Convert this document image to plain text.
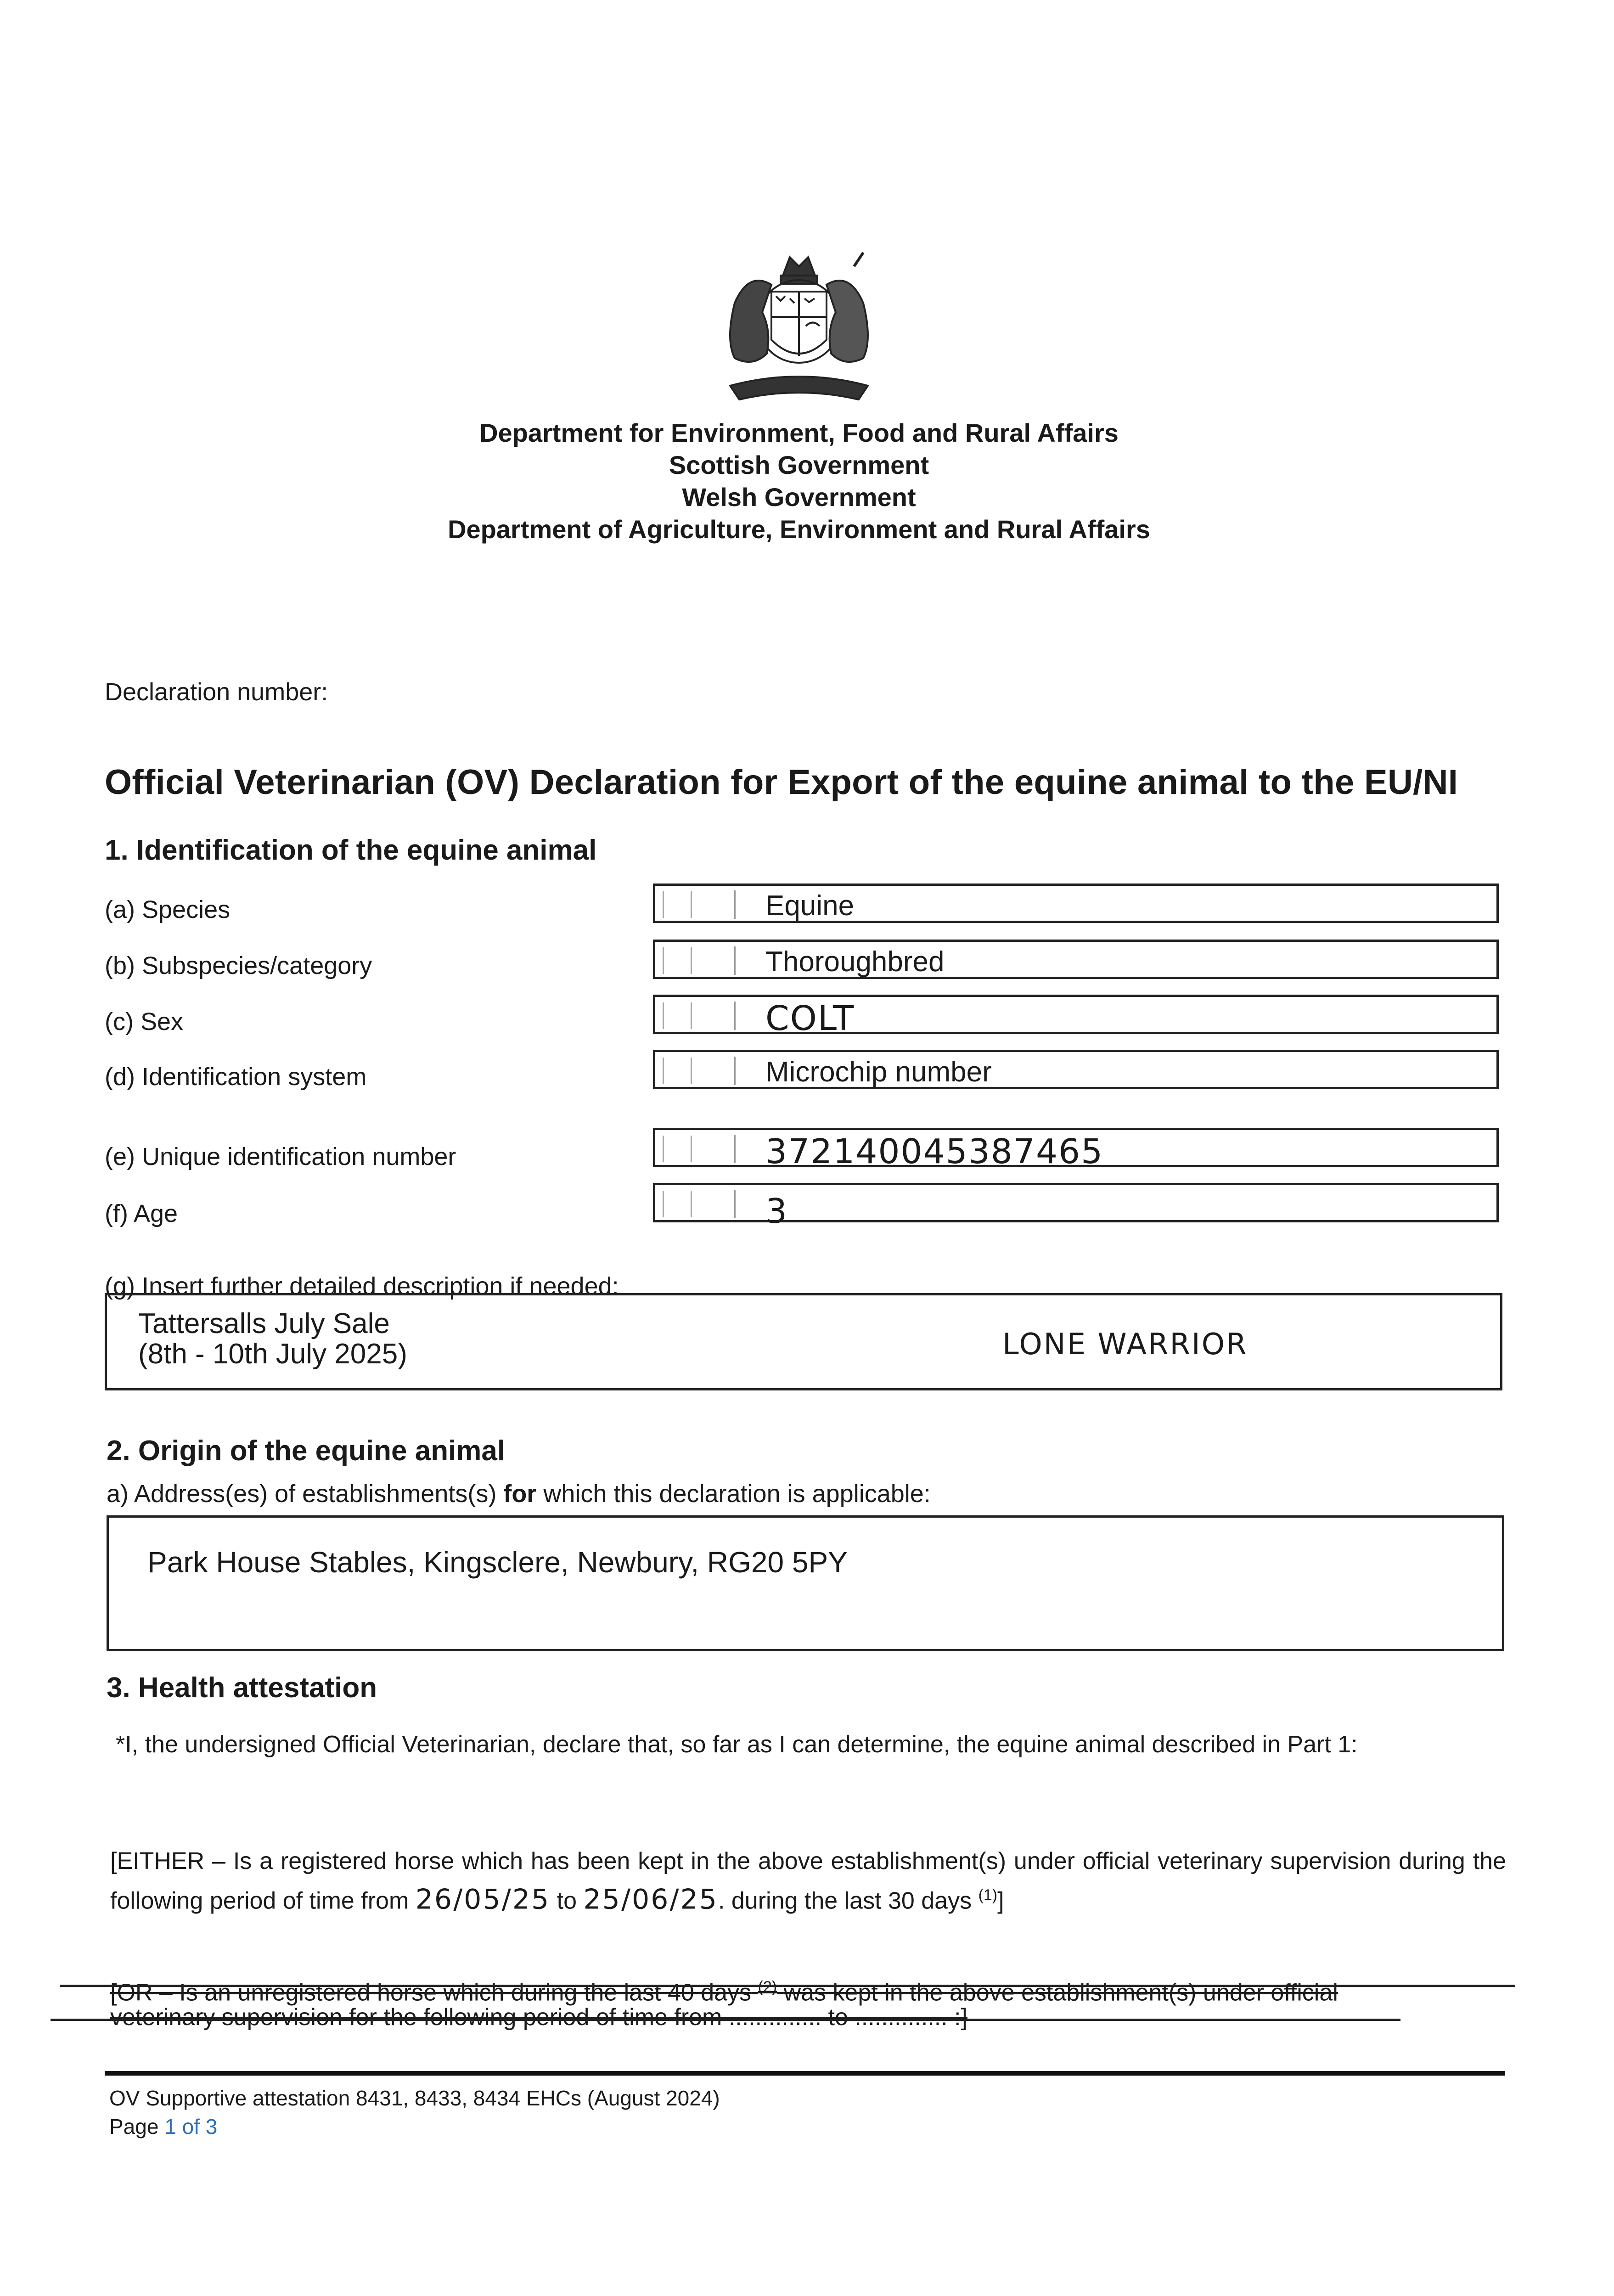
Department for Environment, Food and Rural Affairs
Scottish Government
Welsh Government
Department of Agriculture, Environment and Rural Affairs
Declaration number:
Official Veterinarian (OV) Declaration for Export of the equine animal to the EU/NI
1. Identification of the equine animal
(a) Species	Equine
(b) Subspecies/category	Thoroughbred
(c) Sex	COLT
(d) Identification system	Microchip number
(e) Unique identification number	372140045387465
(f) Age	3
(g) Insert further detailed description if needed:
Tattersalls July Sale
(8th - 10th July 2025)	LONE WARRIOR
2. Origin of the equine animal
a) Address(es) of establishments(s) for which this declaration is applicable:
Park House Stables, Kingsclere, Newbury, RG20 5PY
3. Health attestation
*I, the undersigned Official Veterinarian, declare that, so far as I can determine, the equine animal described in Part 1:
[EITHER – Is a registered horse which has been kept in the above establishment(s) under official veterinary supervision during the following period of time from 26/05/25 to 25/06/25. during the last 30 days $^{(1)}$]
[OR – Is an unregistered horse which during the last 40 days $^{(2)}$ was kept in the above establishment(s) under official
veterinary supervision for the following period of time from .............. to .............. :]
OV Supportive attestation 8431, 8433, 8434 EHCs (August 2024)
Page 1 of 3
